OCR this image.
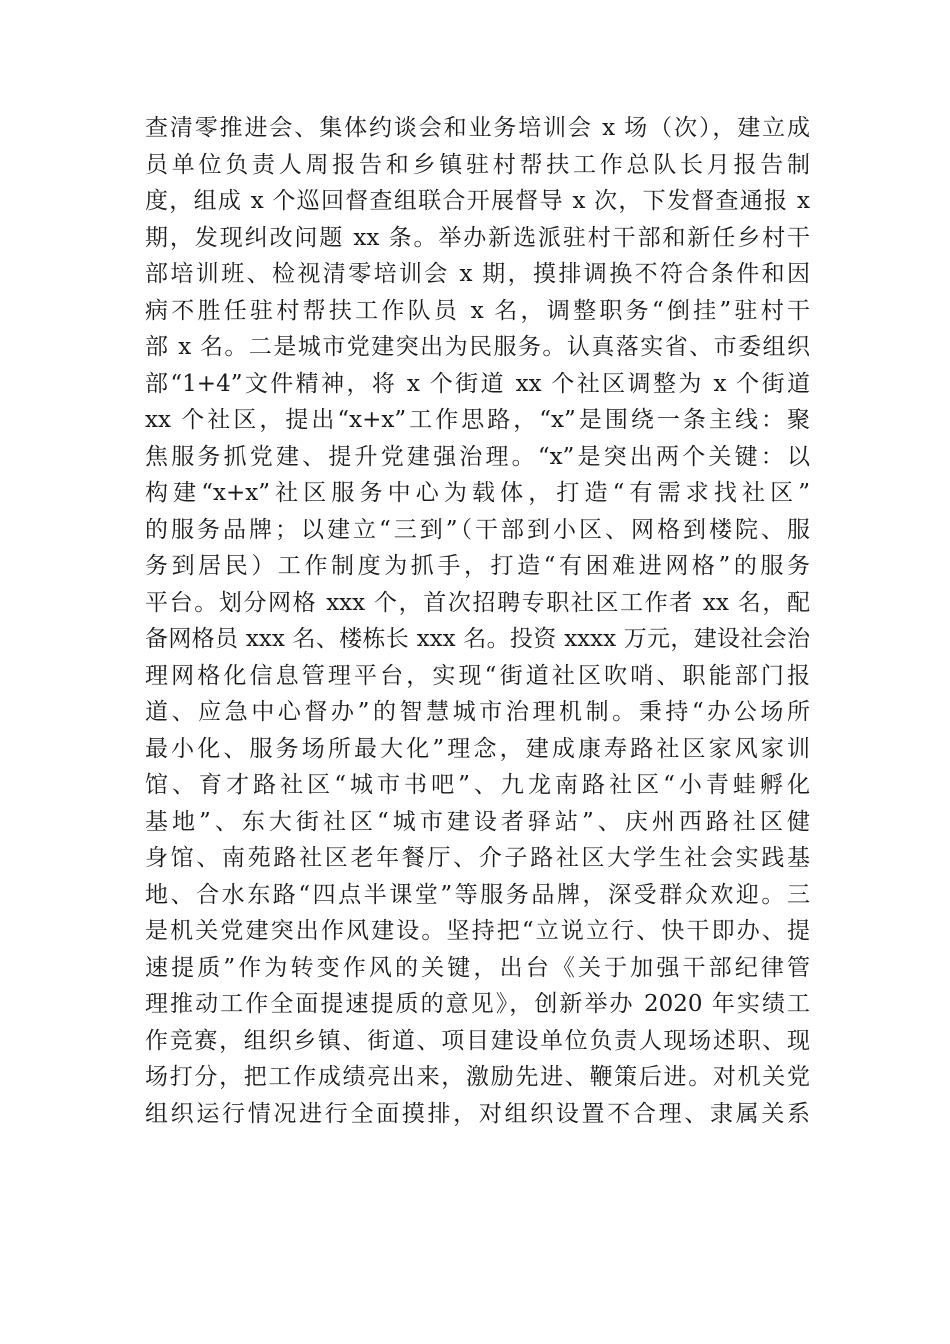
查清零推进会、集体约谈会和业务培训会 x 场（次），建立成
员单位负责人周报告和乡镇驻村帮扶工作总队长月报告制
度，组成 x 个巡回督查组联合开展督导 x 次，下发督查通报 x
期，发现纠改问题 xx 条。举办新选派驻村干部和新任乡村干
部培训班、检视清零培训会 x 期，摸排调换不符合条件和因
病不胜任驻村帮扶工作队员 x 名，调整职务“倒挂”驻村干
部 x 名。二是城市党建突出为民服务。认真落实省、市委组织
部“1+4”文件精神，将 x 个街道 xx 个社区调整为 x 个街道
xx 个社区，提出“x+x”工作思路，“x”是围绕一条主线：聚
焦服务抓党建、提升党建强治理。“x”是突出两个关键：以
构建“x+x”社区服务中心为载体，打造“有需求找社区”
的服务品牌；以建立“三到”（干部到小区、网格到楼院、服
务到居民）工作制度为抓手，打造“有困难进网格”的服务
平台。划分网格 xxx 个，首次招聘专职社区工作者 xx 名，配
备网格员 xxx 名、楼栋长 xxx 名。投资 xxxx 万元，建设社会治
理网格化信息管理平台，实现“街道社区吹哨、职能部门报
道、应急中心督办”的智慧城市治理机制。秉持“办公场所
最小化、服务场所最大化”理念，建成康寿路社区家风家训
馆、育才路社区“城市书吧”、九龙南路社区“小青蛙孵化
基地”、东大街社区“城市建设者驿站”、庆州西路社区健
身馆、南苑路社区老年餐厅、介子路社区大学生社会实践基
地、合水东路“四点半课堂”等服务品牌，深受群众欢迎。三
是机关党建突出作风建设。坚持把“立说立行、快干即办、提
速提质”作为转变作风的关键，出台《关于加强干部纪律管
理推动工作全面提速提质的意见》，创新举办 2020 年实绩工
作竞赛，组织乡镇、街道、项目建设单位负责人现场述职、现
场打分，把工作成绩亮出来，激励先进、鞭策后进。对机关党
组织运行情况进行全面摸排，对组织设置不合理、隶属关系
